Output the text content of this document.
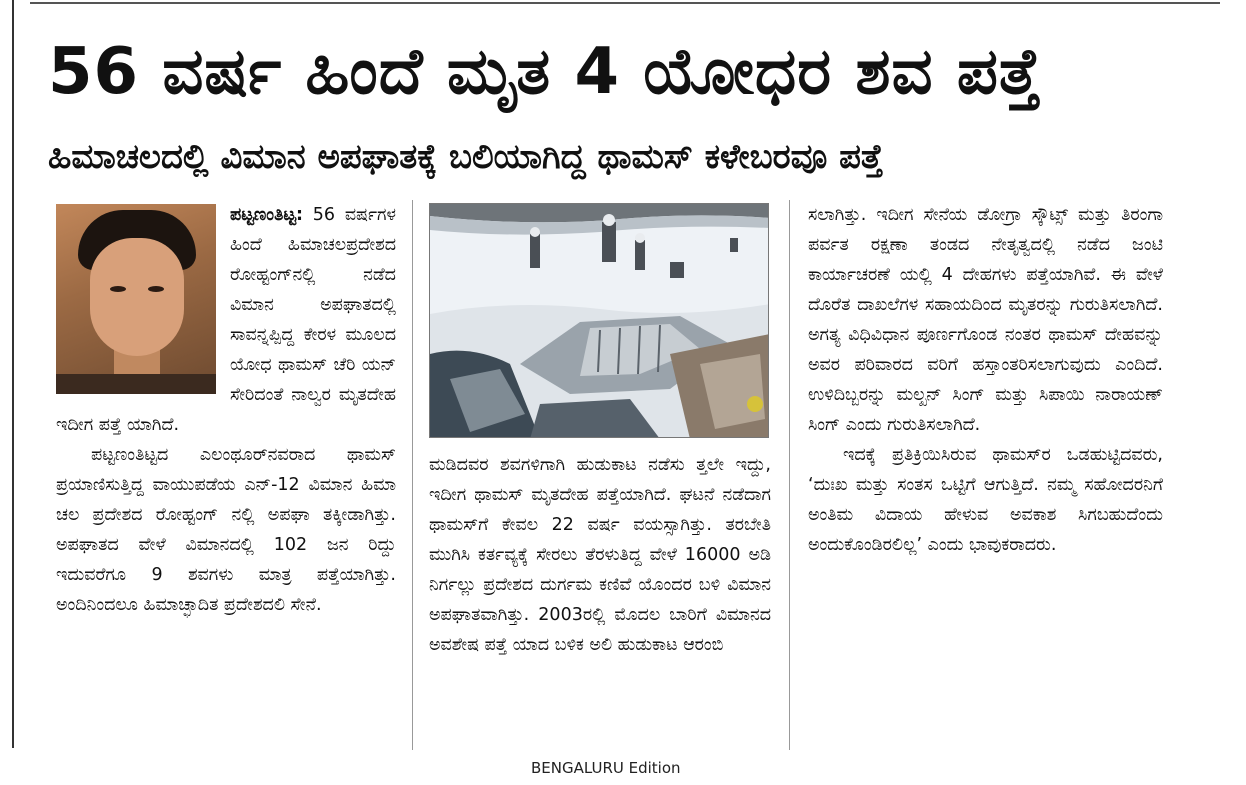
56 ವರ್ಷ ಹಿಂದೆ ಮೃತ 4 ಯೋಧರ ಶವ ಪತ್ತೆ
ಹಿಮಾಚಲದಲ್ಲಿ ವಿಮಾನ ಅಪಘಾತಕ್ಕೆ ಬಲಿಯಾಗಿದ್ದ ಥಾಮಸ್ ಕಳೇಬರವೂ ಪತ್ತೆ

ಪಟ್ಟಣಂತಿಟ್ಟ: 56 ವರ್ಷಗಳ ಹಿಂದೆ ಹಿಮಾಚಲಪ್ರದೇಶದ ರೋಹ್ಟಂಗ್‌ನಲ್ಲಿ ನಡೆದ ವಿಮಾನ ಅಪಘಾತದಲ್ಲಿ ಸಾವನ್ನಪ್ಪಿದ್ದ ಕೇರಳ ಮೂಲದ ಯೋಧ ಥಾಮಸ್ ಚೆರಿ ಯನ್ ಸೇರಿದಂತೆ ನಾಲ್ವರ ಮೃತದೇಹ ಇದೀಗ ಪತ್ತೆ ಯಾಗಿದೆ.

ಪಟ್ಟಣಂತಿಟ್ಟದ ಎಲಂಥೂರ್‌ನವರಾದ ಥಾಮಸ್ ಪ್ರಯಾಣಿಸುತ್ತಿದ್ದ ವಾಯುಪಡೆಯ ಎನ್-12 ವಿಮಾನ ಹಿಮಾ ಚಲ ಪ್ರದೇಶದ ರೋಹ್ಟಂಗ್ ನಲ್ಲಿ ಅಪಘಾ ತಕ್ಕೀಡಾಗಿತ್ತು. ಅಪಘಾತದ ವೇಳೆ ವಿಮಾನದಲ್ಲಿ 102 ಜನ ರಿದ್ದು ಇದುವರೆಗೂ 9 ಶವಗಳು ಮಾತ್ರ ಪತ್ತೆಯಾಗಿತ್ತು. ಅಂದಿನಿಂದಲೂ ಹಿಮಾಚ್ಛಾದಿತ ಪ್ರದೇಶದಲಿ ಸೇನೆ.

ಮಡಿದವರ ಶವಗಳಿಗಾಗಿ ಹುಡುಕಾಟ ನಡೆಸು ತ್ತಲೇ ಇದ್ದು, ಇದೀಗ ಥಾಮಸ್ ಮೃತದೇಹ ಪತ್ತೆಯಾಗಿದೆ. ಘಟನೆ ನಡೆದಾಗ ಥಾಮಸ್‌ಗೆ ಕೇವಲ 22 ವರ್ಷ ವಯಸ್ಸಾಗಿತ್ತು. ತರಬೇತಿ ಮುಗಿಸಿ ಕರ್ತವ್ಯಕ್ಕೆ ಸೇರಲು ತೆರಳುತಿದ್ದ ವೇಳೆ 16000 ಅಡಿ ನಿರ್ಗಲ್ಲು ಪ್ರದೇಶದ ದುರ್ಗಮ ಕಣಿವೆ ಯೊಂದರ ಬಳಿ ವಿಮಾನ ಅಪಘಾತವಾಗಿತ್ತು. 2003ರಲ್ಲಿ ಮೊದಲ ಬಾರಿಗೆ ವಿಮಾನದ ಅವಶೇಷ ಪತ್ತೆ ಯಾದ ಬಳಿಕ ಅಲಿ ಹುಡುಕಾಟ ಆರಂಬಿ

ಸಲಾಗಿತ್ತು. ಇದೀಗ ಸೇನೆಯ ಡೋಗ್ರಾ ಸ್ಕೌಟ್ಸ್ ಮತ್ತು ತಿರಂಗಾ ಪರ್ವತ ರಕ್ಷಣಾ ತಂಡದ ನೇತೃತ್ವದಲ್ಲಿ ನಡೆದ ಜಂಟಿ ಕಾರ್ಯಾಚರಣೆ ಯಲ್ಲಿ 4 ದೇಹಗಳು ಪತ್ತೆಯಾಗಿವೆ. ಈ ವೇಳೆ ದೊರೆತ ದಾಖಲೆಗಳ ಸಹಾಯದಿಂದ ಮೃತರನ್ನು ಗುರುತಿಸಲಾಗಿದೆ. ಅಗತ್ಯ ವಿಧಿವಿಧಾನ ಪೂರ್ಣಗೊಂಡ ನಂತರ ಥಾಮಸ್ ದೇಹವನ್ನು ಅವರ ಪರಿವಾರದ ವರಿಗೆ ಹಸ್ತಾಂತರಿಸಲಾಗುವುದು ಎಂದಿದೆ. ಉಳಿದಿಬ್ಬರನ್ನು ಮಲ್ಖನ್ ಸಿಂಗ್ ಮತ್ತು ಸಿಪಾಯಿ ನಾರಾಯಣ್ ಸಿಂಗ್ ಎಂದು ಗುರುತಿಸಲಾಗಿದೆ.

ಇದಕ್ಕೆ ಪ್ರತಿಕ್ರಿಯಿಸಿರುವ ಥಾಮಸ್‌ರ ಒಡಹುಟ್ಟಿದವರು, ‘ದುಃಖ ಮತ್ತು ಸಂತಸ ಒಟ್ಟಿಗೆ ಆಗುತ್ತಿದೆ. ನಮ್ಮ ಸಹೋದರನಿಗೆ ಅಂತಿಮ ವಿದಾಯ ಹೇಳುವ ಅವಕಾಶ ಸಿಗಬಹುದೆಂದು ಅಂದುಕೊಂಡಿರಲಿಲ್ಲ’ ಎಂದು ಭಾವುಕರಾದರು.

BENGALURU Edition
